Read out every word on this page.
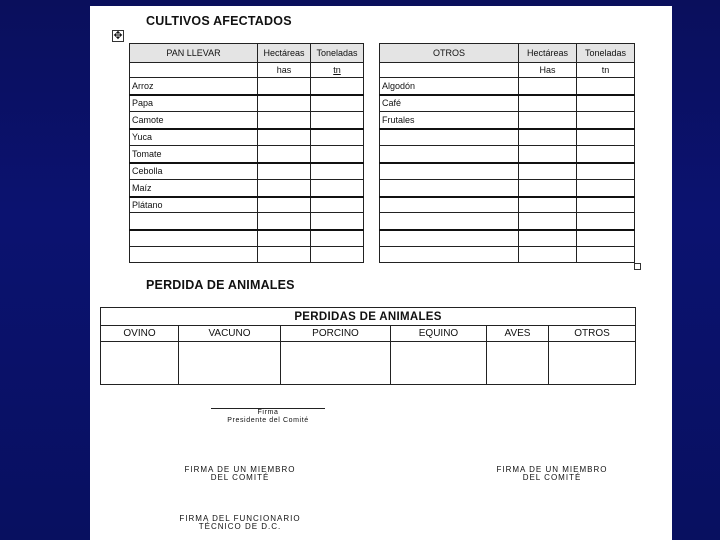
CULTIVOS AFECTADOS
✥
PAN LLEVAR	Hectáreas	Toneladas
	has	tn
Arroz		
Papa		
Camote		
Yuca		
Tomate		
Cebolla		
Maíz		
Plátano		

OTROS	Hectáreas	Toneladas
	Has	tn
Algodón		
Café		
Frutales		

PERDIDA DE ANIMALES
PERDIDAS DE ANIMALES					
OVINO	VACUNO	PORCINO	EQUINO	AVES	OTROS

Firma
Presidente del Comité
FIRMA DE UN MIEMBRO
DEL COMITÉ
FIRMA DE UN MIEMBRO
DEL COMITÉ
FIRMA DEL FUNCIONARIO
TÉCNICO DE D.C.
